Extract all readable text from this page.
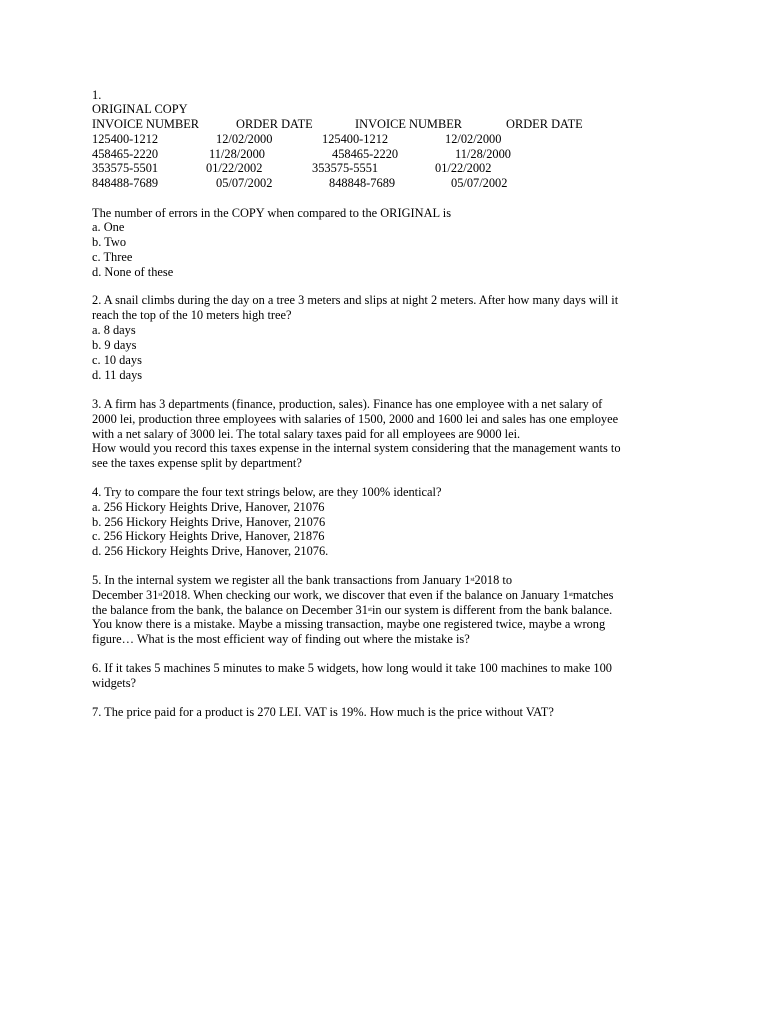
1.
ORIGINAL COPY
INVOICE NUMBER	ORDER DATE	INVOICE NUMBER	ORDER DATE
125400-1212	12/02/2000	125400-1212	12/02/2000
458465-2220	11/28/2000	458465-2220	11/28/2000
353575-5501	01/22/2002	353575-5551	01/22/2002
848488-7689	05/07/2002	848848-7689	05/07/2002
The number of errors in the COPY when compared to the ORIGINAL is
a. One
b. Two
c. Three
d. None of these
2. A snail climbs during the day on a tree 3 meters and slips at night 2 meters. After how many days will it
reach the top of the 10 meters high tree?
a. 8 days
b. 9 days
c. 10 days
d. 11 days
3. A firm has 3 departments (finance, production, sales). Finance has one employee with a net salary of
2000 lei, production three employees with salaries of 1500, 2000 and 1600 lei and sales has one employee
with a net salary of 3000 lei. The total salary taxes paid for all employees are 9000 lei.
How would you record this taxes expense in the internal system considering that the management wants to
see the taxes expense split by department?
4. Try to compare the four text strings below, are they 100% identical?
a. 256 Hickory Heights Drive, Hanover, 21076
b. 256 Hickory Heights Drive, Hanover, 21076
c. 256 Hickory Heights Drive, Hanover, 21876
d. 256 Hickory Heights Drive, Hanover, 21076.
5. In the internal system we register all the bank transactions from January 1st2018 to
December 31st2018. When checking our work, we discover that even if the balance on January 1stmatches
the balance from the bank, the balance on December 31stin our system is different from the bank balance.
You know there is a mistake. Maybe a missing transaction, maybe one registered twice, maybe a wrong
figure… What is the most efficient way of finding out where the mistake is?
6. If it takes 5 machines 5 minutes to make 5 widgets, how long would it take 100 machines to make 100
widgets?
7. The price paid for a product is 270 LEI. VAT is 19%. How much is the price without VAT?
